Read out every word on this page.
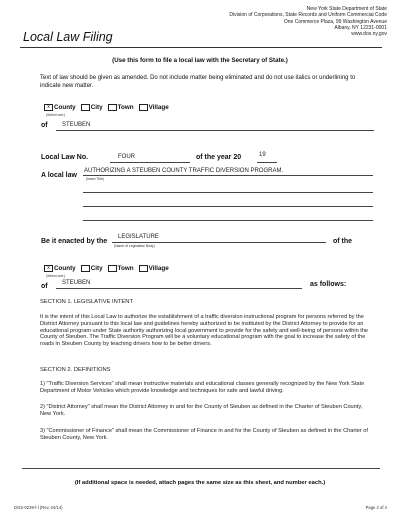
New York State Department of State
Division of Corporations, State Records and Uniform Commercial Code
One Commerce Plaza, 99 Washington Avenue
Albany, NY 12231-0001
www.dos.ny.gov
Local Law Filing
(Use this form to file a local law with the Secretary of State.)
Text of law should be given as amended. Do not include matter being eliminated and do not use italics or underlining to indicate new matter.
x County	City	Town	Village
(Select one:)
of STEUBEN
Local Law No.	FOUR	of the year 20	19
A local law
AUTHORIZING A STEUBEN COUNTY TRAFFIC DIVERSION PROGRAM.
(Insert Title)
Be it enacted by the
LEGISLATURE
(Name of Legislative Body)
of the
x County	City	Town	Village
(Select one:)
of STEUBEN	as follows:
SECTION 1. LEGISLATIVE INTENT
It is the intent of this Local Law to authorize the establishment of a traffic diversion instructional program for persons referred by the District Attorney pursuant to this local law and guidelines hereby authorized to be instituted by the District Attorney to provide for an educational program under State authority authorizing local government to provide for the safety and well-being of persons within the County of Steuben. The Traffic Diversion Program will be a voluntary educational program with the goal to increase the safety of the roads in Steuben County by teaching drivers how to be better drivers.
SECTION 2. DEFINITIONS
1) "Traffic Diversion Services" shall mean instructive materials and educational classes generally recognized by the New York State Department of Motor Vehicles which provide knowledge and techniques for safe and lawful driving.
2) "District Attorney" shall mean the District Attorney in and for the County of Steuben as defined in the Charter of Steuben County, New York.
3) "Commissioner of Finance" shall mean the Commissioner of Finance in and for the County of Steuben as defined in the Charter of Steuben County, New York.
(If additional space is needed, attach pages the same size as this sheet, and number each.)
DOS-0239-f-l (Rev. 04/14)	Page 2 of 4
